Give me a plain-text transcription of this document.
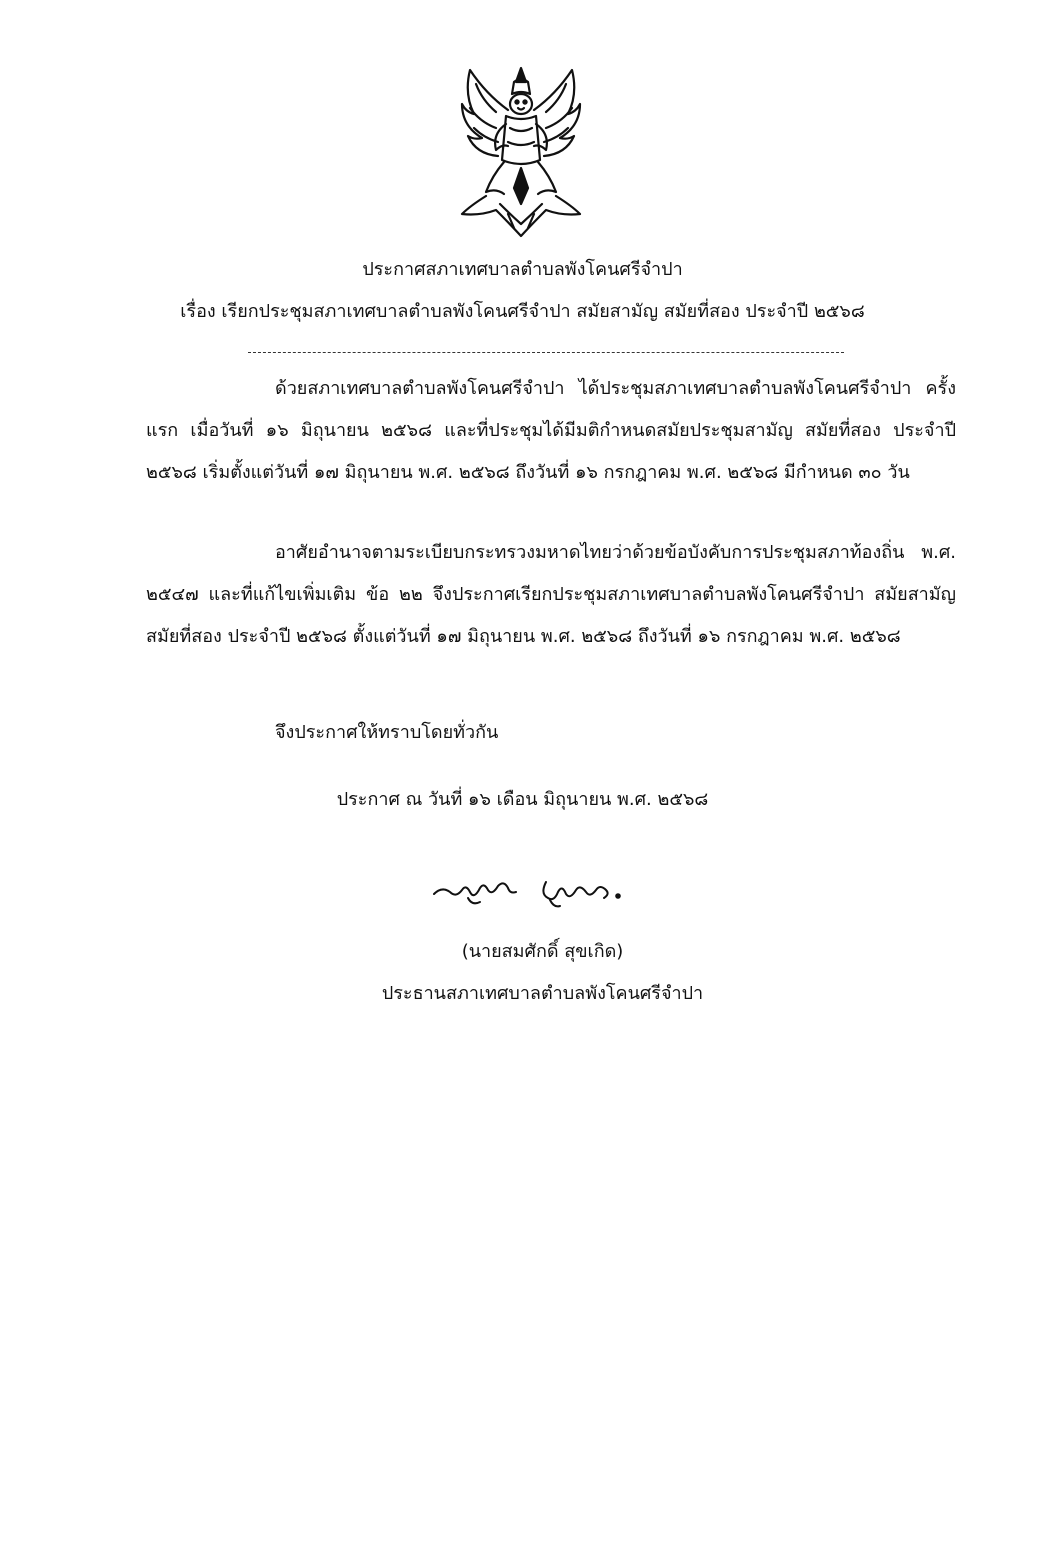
ประกาศสภาเทศบาลตำบลพังโคนศรีจำปา
เรื่อง เรียกประชุมสภาเทศบาลตำบลพังโคนศรีจำปา สมัยสามัญ สมัยที่สอง ประจำปี ๒๕๖๘
ด้วยสภาเทศบาลตำบลพังโคนศรีจำปา ได้ประชุมสภาเทศบาลตำบลพังโคนศรีจำปา ครั้งแรก เมื่อวันที่ ๑๖ มิถุนายน ๒๕๖๘ และที่ประชุมได้มีมติกำหนดสมัยประชุมสามัญ สมัยที่สอง ประจำปี ๒๕๖๘ เริ่มตั้งแต่วันที่ ๑๗ มิถุนายน พ.ศ. ๒๕๖๘ ถึงวันที่ ๑๖ กรกฎาคม พ.ศ. ๒๕๖๘ มีกำหนด ๓๐ วัน
อาศัยอำนาจตามระเบียบกระทรวงมหาดไทยว่าด้วยข้อบังคับการประชุมสภาท้องถิ่น พ.ศ. ๒๕๔๗ และที่แก้ไขเพิ่มเติม ข้อ ๒๒ จึงประกาศเรียกประชุมสภาเทศบาลตำบลพังโคนศรีจำปา สมัยสามัญ สมัยที่สอง ประจำปี ๒๕๖๘ ตั้งแต่วันที่ ๑๗ มิถุนายน พ.ศ. ๒๕๖๘ ถึงวันที่ ๑๖ กรกฎาคม พ.ศ. ๒๕๖๘
จึงประกาศให้ทราบโดยทั่วกัน
ประกาศ ณ วันที่ ๑๖ เดือน มิถุนายน พ.ศ. ๒๕๖๘
(นายสมศักดิ์ สุขเกิด)
ประธานสภาเทศบาลตำบลพังโคนศรีจำปา
